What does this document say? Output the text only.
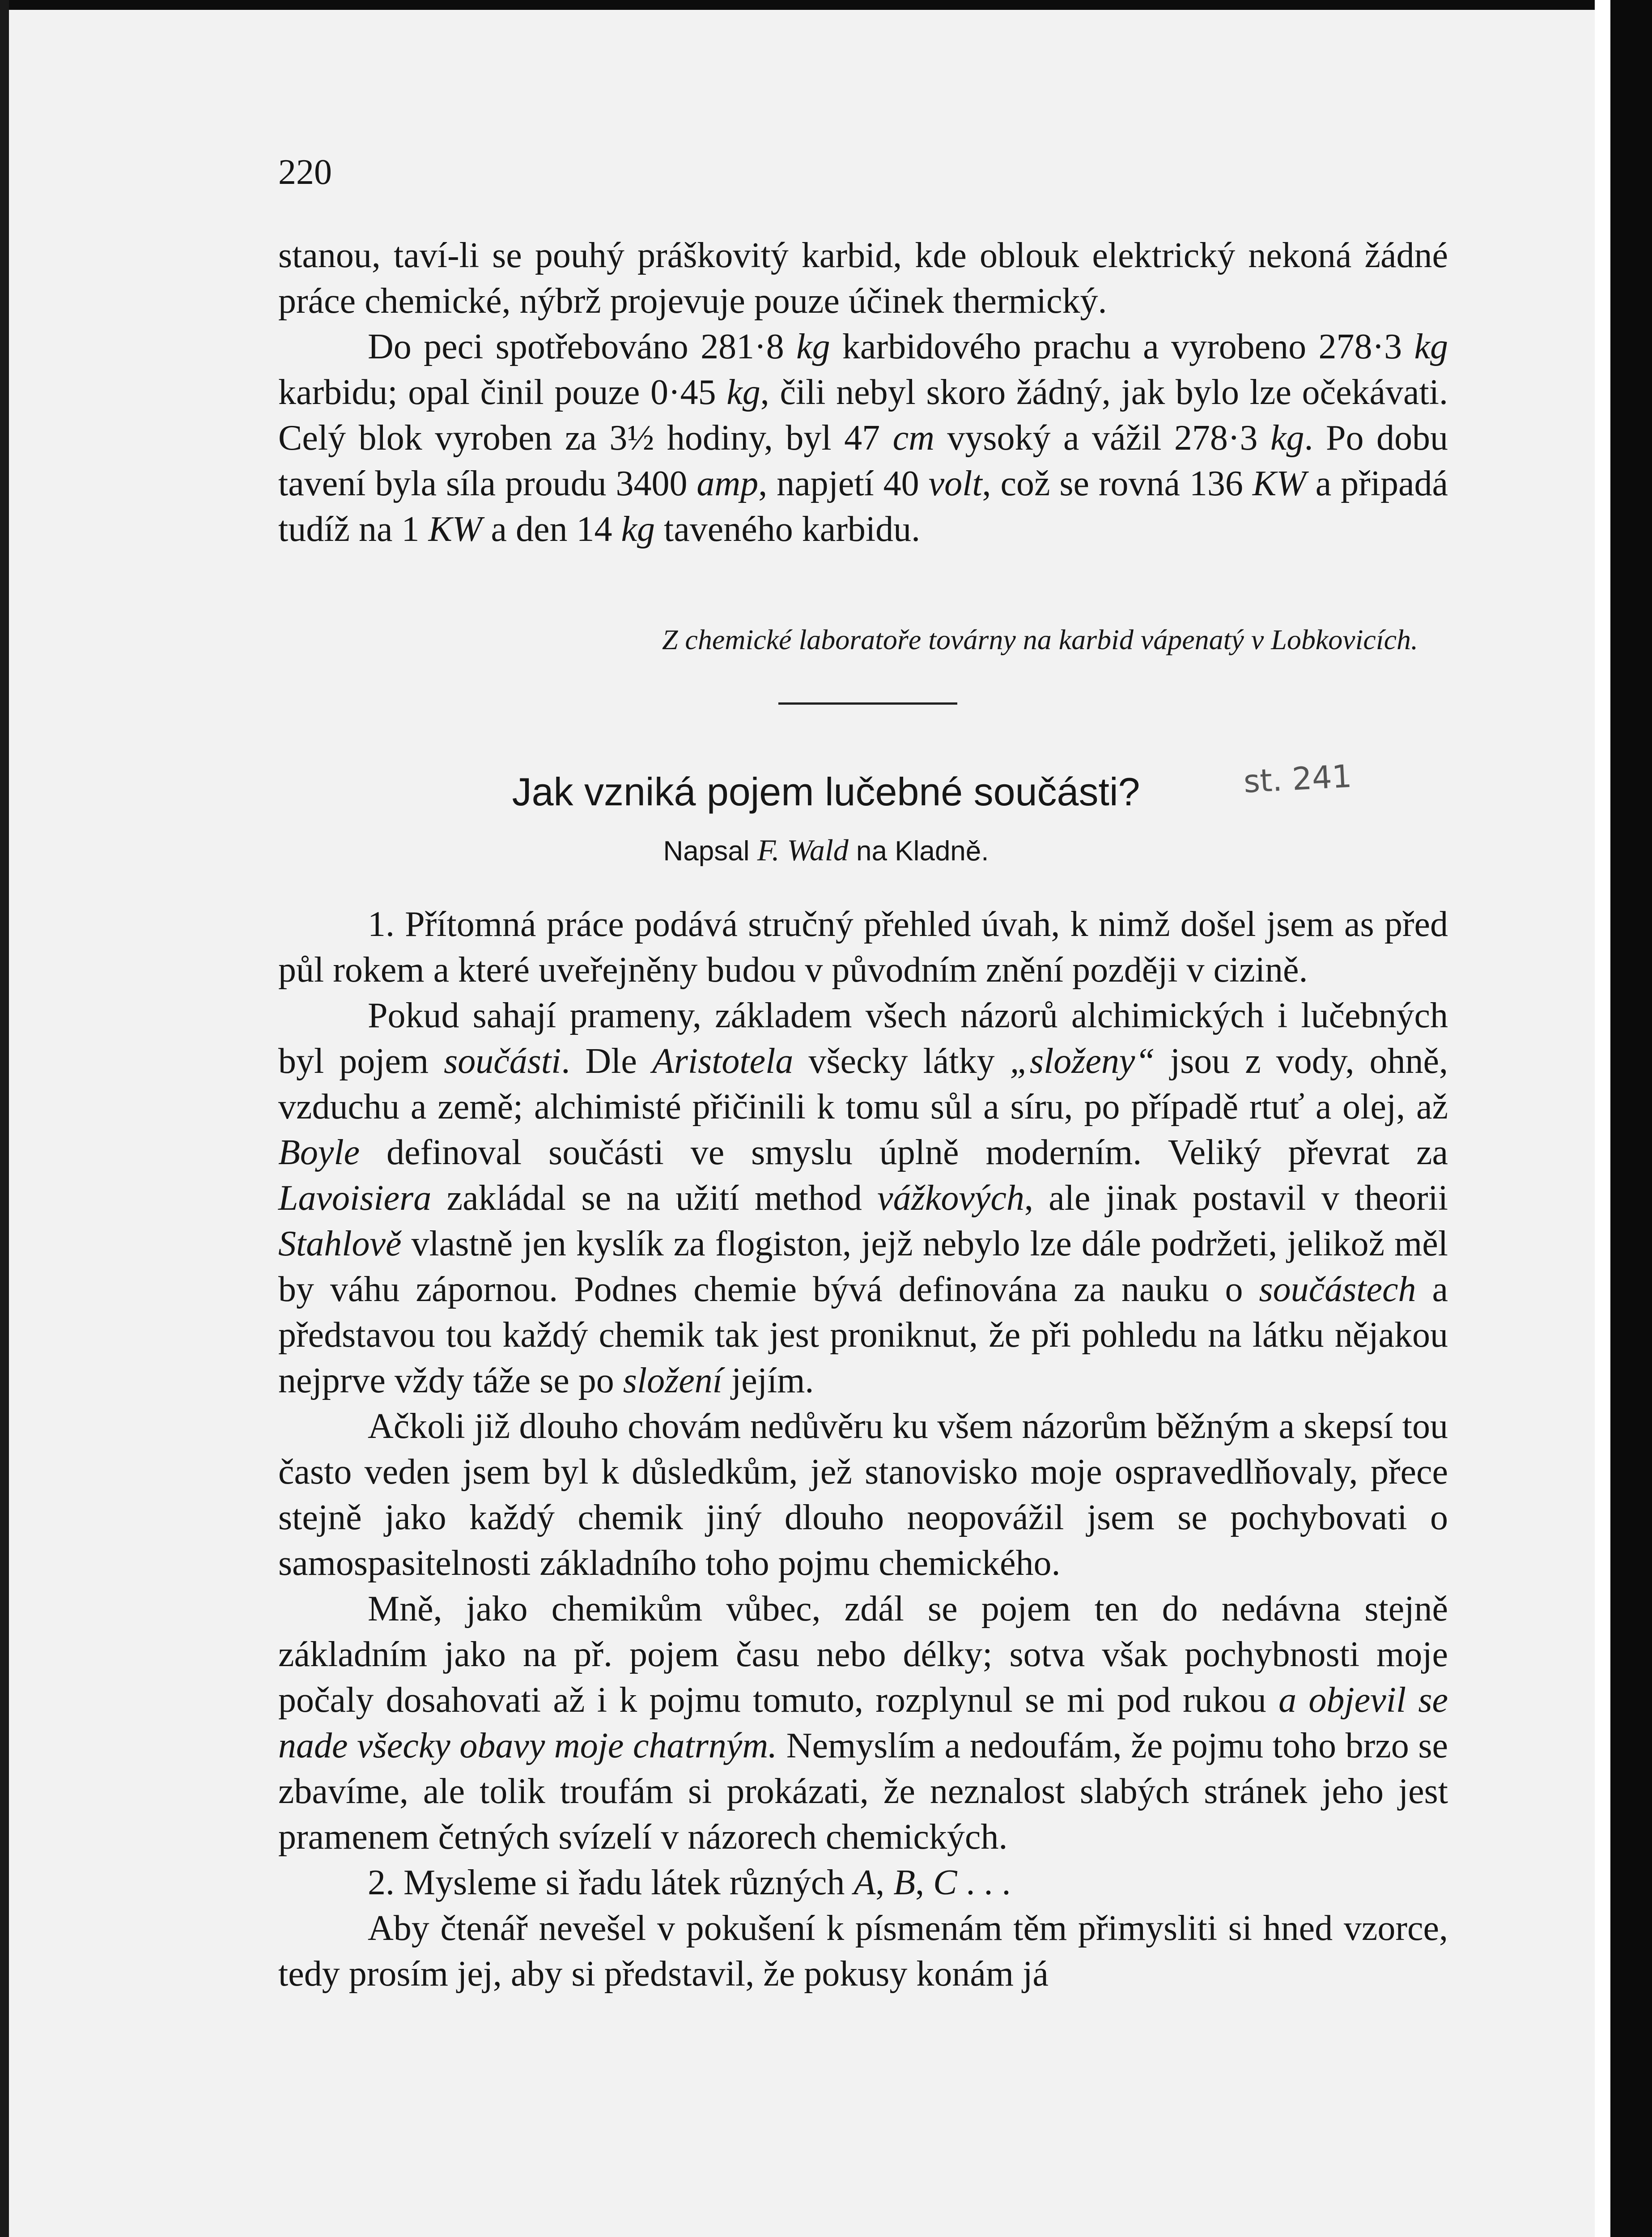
220

stanou, taví-li se pouhý práškovitý karbid, kde oblouk elektrický nekoná žádné práce chemické, nýbrž projevuje pouze účinek thermický.

Do peci spotřebováno 281·8 kg karbidového prachu a vyrobeno 278·3 kg karbidu; opal činil pouze 0·45 kg, čili nebyl skoro žádný, jak bylo lze očekávati. Celý blok vyroben za 3½ hodiny, byl 47 cm vysoký a vážil 278·3 kg. Po dobu tavení byla síla proudu 3400 amp, napjetí 40 volt, což se rovná 136 KW a připadá tudíž na 1 KW a den 14 kg taveného karbidu.

Z chemické laboratoře továrny na karbid vápenatý v Lobkovicích.
Jak vzniká pojem lučebné součásti?	st. 241
Napsal F. Wald na Kladně.

1. Přítomná práce podává stručný přehled úvah, k nimž došel jsem as před půl rokem a které uveřejněny budou v původním znění později v cizině.

Pokud sahají prameny, základem všech názorů alchimických i lučebných byl pojem součásti. Dle Aristotela všecky látky „složeny“ jsou z vody, ohně, vzduchu a země; alchimisté přičinili k tomu sůl a síru, po případě rtuť a olej, až Boyle definoval součásti ve smyslu úplně moderním. Veliký převrat za Lavoisiera zakládal se na užití method vážkových, ale jinak postavil v theorii Stahlově vlastně jen kyslík za flogiston, jejž nebylo lze dále podržeti, jelikož měl by váhu zápornou. Podnes chemie bývá definována za nauku o součástech a představou tou každý chemik tak jest proniknut, že při pohledu na látku nějakou nejprve vždy táže se po složení jejím.

Ačkoli již dlouho chovám nedůvěru ku všem názorům běžným a skepsí tou často veden jsem byl k důsledkům, jež stanovisko moje ospravedlňovaly, přece stejně jako každý chemik jiný dlouho neopovážil jsem se pochybovati o samospasitelnosti základního toho pojmu chemického.

Mně, jako chemikům vůbec, zdál se pojem ten do nedávna stejně základním jako na př. pojem času nebo délky; sotva však pochybnosti moje počaly dosahovati až i k pojmu tomuto, rozplynul se mi pod rukou a objevil se nade všecky obavy moje chatrným. Nemyslím a nedoufám, že pojmu toho brzo se zbavíme, ale tolik troufám si prokázati, že neznalost slabých stránek jeho jest pramenem četných svízelí v názorech chemických.

2. Mysleme si řadu látek různých A, B, C . . .

Aby čtenář nevešel v pokušení k písmenám těm přimysliti si hned vzorce, tedy prosím jej, aby si představil, že pokusy konám já
